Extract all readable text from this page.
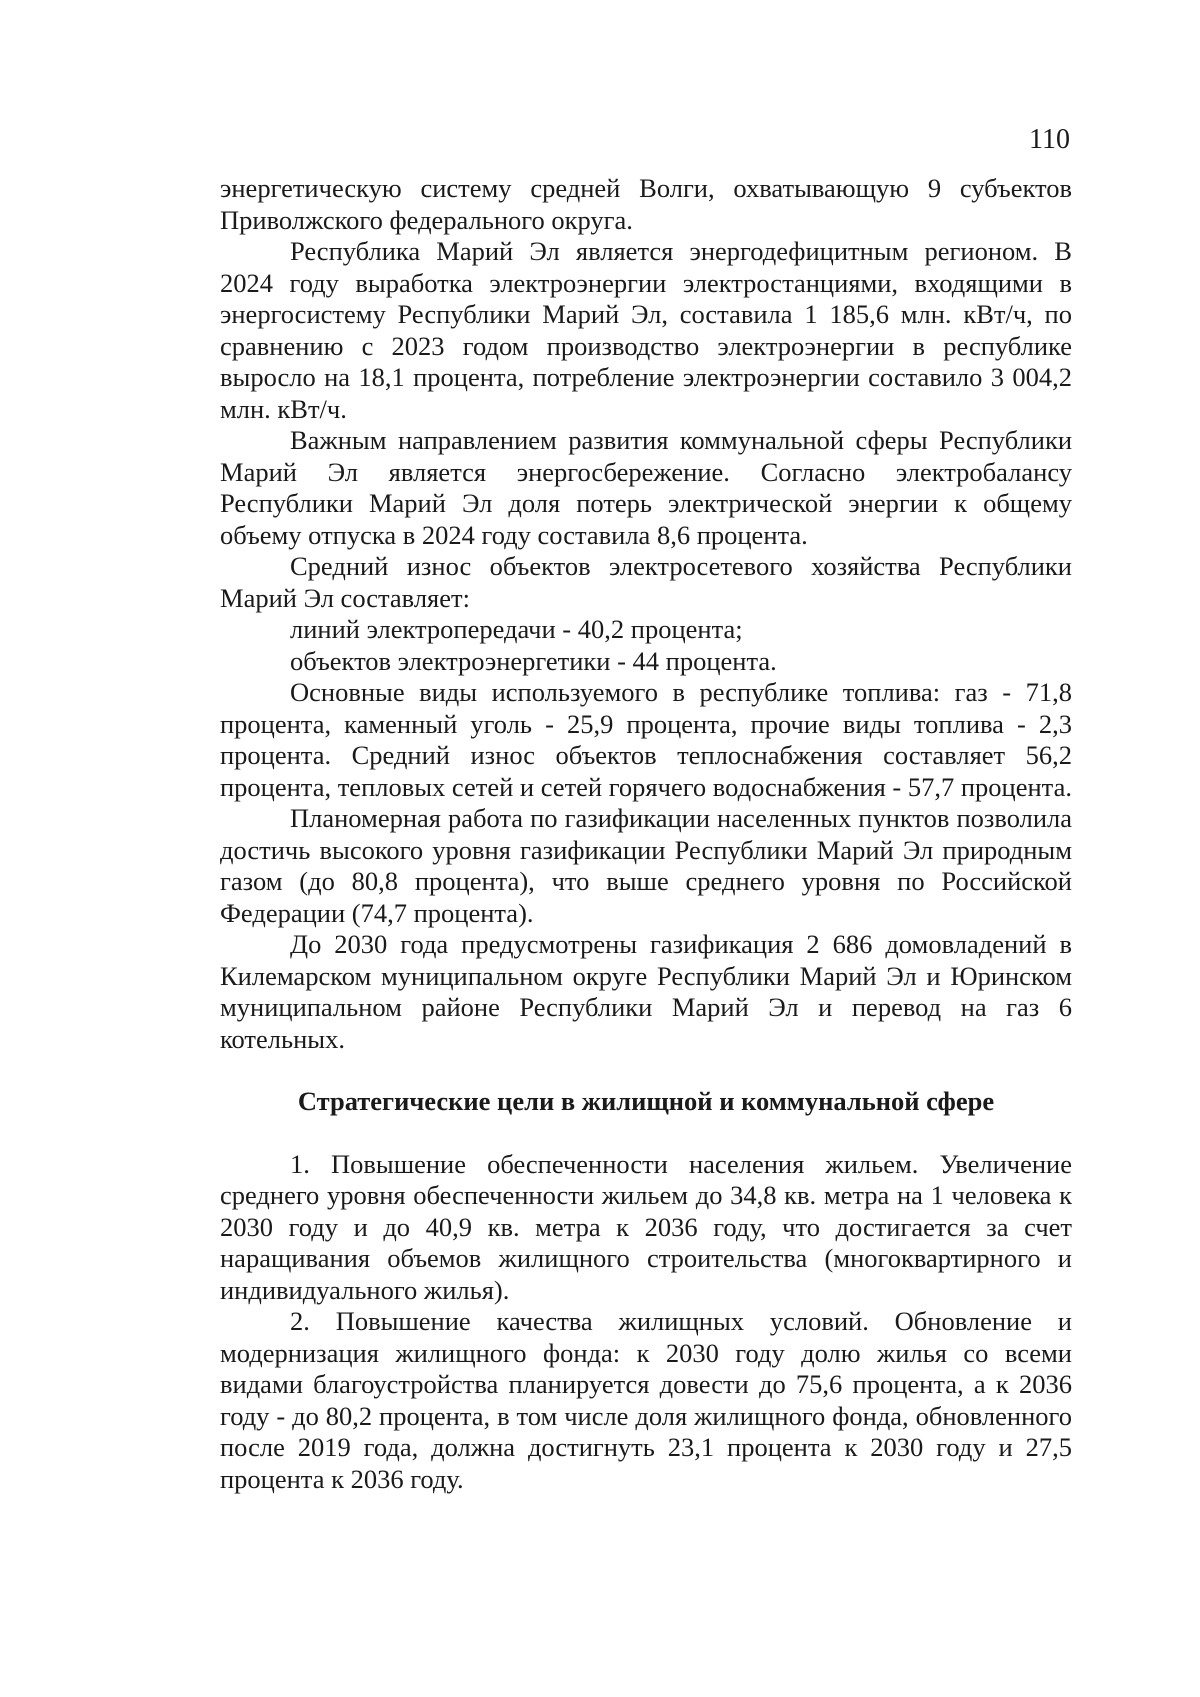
110

энергетическую систему средней Волги, охватывающую 9 субъектов Приволжского федерального округа.

Республика Марий Эл является энергодефицитным регионом. В 2024 году выработка электроэнергии электростанциями, входящими в энергосистему Республики Марий Эл, составила 1 185,6 млн. кВт/ч, по сравнению с 2023 годом производство электроэнергии в республике выросло на 18,1 процента, потребление электроэнергии составило 3 004,2 млн. кВт/ч.

Важным направлением развития коммунальной сферы Республики Марий Эл является энергосбережение. Согласно электробалансу Республики Марий Эл доля потерь электрической энергии к общему объему отпуска в 2024 году составила 8,6 процента.

Средний износ объектов электросетевого хозяйства Республики Марий Эл составляет:

линий электропередачи - 40,2 процента;

объектов электроэнергетики - 44 процента.

Основные виды используемого в республике топлива: газ - 71,8 процента, каменный уголь - 25,9 процента, прочие виды топлива - 2,3 процента. Средний износ объектов теплоснабжения составляет 56,2 процента, тепловых сетей и сетей горячего водоснабжения - 57,7 процента.

Планомерная работа по газификации населенных пунктов позволила достичь высокого уровня газификации Республики Марий Эл природным газом (до 80,8 процента), что выше среднего уровня по Российской Федерации (74,7 процента).

До 2030 года предусмотрены газификация 2 686 домовладений в Килемарском муниципальном округе Республики Марий Эл и Юринском муниципальном районе Республики Марий Эл и перевод на газ 6 котельных.

Стратегические цели в жилищной и коммунальной сфере

1. Повышение обеспеченности населения жильем. Увеличение среднего уровня обеспеченности жильем до 34,8 кв. метра на 1 человека к 2030 году и до 40,9 кв. метра к 2036 году, что достигается за счет наращивания объемов жилищного строительства (многоквартирного и индивидуального жилья).

2. Повышение качества жилищных условий. Обновление и модернизация жилищного фонда: к 2030 году долю жилья со всеми видами благоустройства планируется довести до 75,6 процента, а к 2036 году - до 80,2 процента, в том числе доля жилищного фонда, обновленного после 2019 года, должна достигнуть 23,1 процента к 2030 году и 27,5 процента к 2036 году.
